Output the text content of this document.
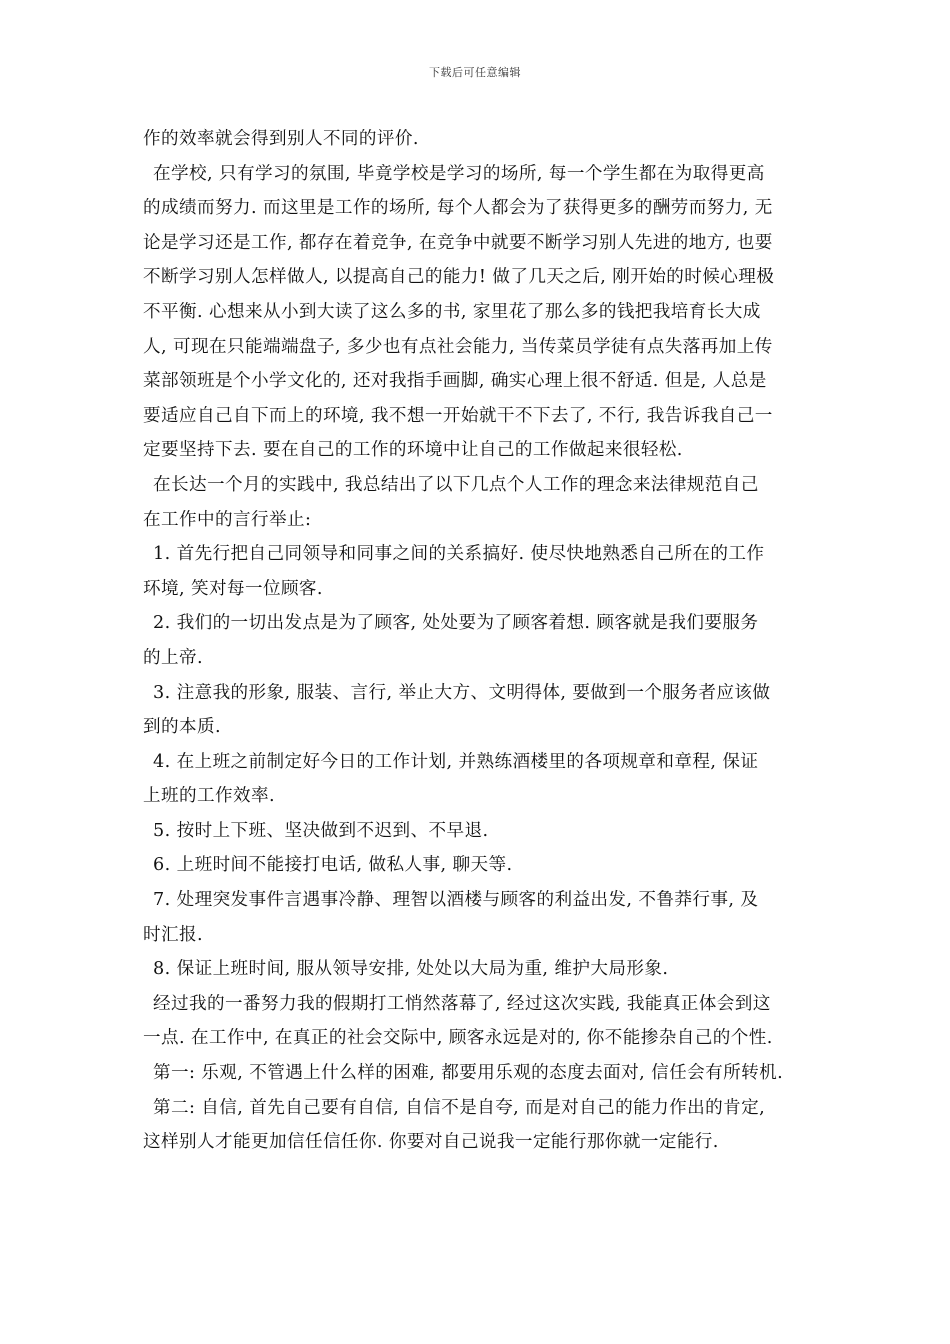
下载后可任意编辑
作的效率就会得到别人不同的评价.
在学校, 只有学习的氛围, 毕竟学校是学习的场所, 每一个学生都在为取得更高
的成绩而努力. 而这里是工作的场所, 每个人都会为了获得更多的酬劳而努力, 无
论是学习还是工作, 都存在着竞争, 在竞争中就要不断学习别人先进的地方, 也要
不断学习别人怎样做人, 以提高自己的能力! 做了几天之后, 刚开始的时候心理极
不平衡. 心想来从小到大读了这么多的书, 家里花了那么多的钱把我培育长大成
人, 可现在只能端端盘子, 多少也有点社会能力, 当传菜员学徒有点失落再加上传
菜部领班是个小学文化的, 还对我指手画脚, 确实心理上很不舒适. 但是, 人总是
要适应自己自下而上的环境, 我不想一开始就干不下去了, 不行, 我告诉我自己一
定要坚持下去. 要在自己的工作的环境中让自己的工作做起来很轻松.
在长达一个月的实践中, 我总结出了以下几点个人工作的理念来法律规范自己
在工作中的言行举止:
1. 首先行把自己同领导和同事之间的关系搞好. 使尽快地熟悉自己所在的工作
环境, 笑对每一位顾客.
2. 我们的一切出发点是为了顾客, 处处要为了顾客着想. 顾客就是我们要服务
的上帝.
3. 注意我的形象, 服装、言行, 举止大方、文明得体, 要做到一个服务者应该做
到的本质.
4. 在上班之前制定好今日的工作计划, 并熟练酒楼里的各项规章和章程, 保证
上班的工作效率.
5. 按时上下班、坚决做到不迟到、不早退.
6. 上班时间不能接打电话, 做私人事, 聊天等.
7. 处理突发事件言遇事冷静、理智以酒楼与顾客的利益出发, 不鲁莽行事, 及
时汇报.
8. 保证上班时间, 服从领导安排, 处处以大局为重, 维护大局形象.
经过我的一番努力我的假期打工悄然落幕了, 经过这次实践, 我能真正体会到这
一点. 在工作中, 在真正的社会交际中, 顾客永远是对的, 你不能掺杂自己的个性.
第一: 乐观, 不管遇上什么样的困难, 都要用乐观的态度去面对, 信任会有所转机.
第二: 自信, 首先自己要有自信, 自信不是自夸, 而是对自己的能力作出的肯定,
这样别人才能更加信任信任你. 你要对自己说我一定能行那你就一定能行.
